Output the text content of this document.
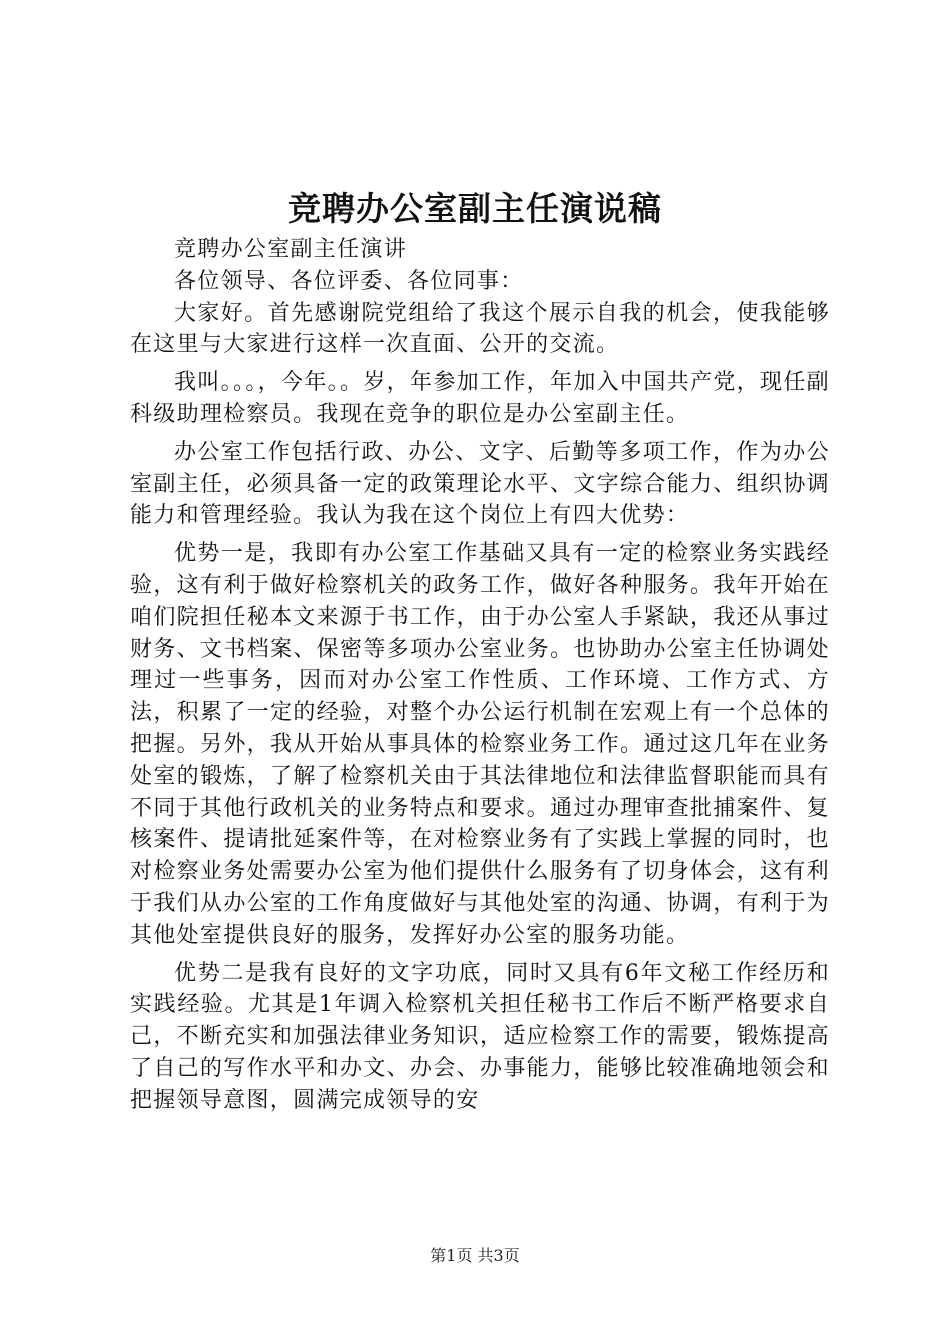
竞聘办公室副主任演说稿

竞聘办公室副主任演讲

各位领导、各位评委、各位同事：

大家好。首先感谢院党组给了我这个展示自我的机会，使我能够在这里与大家进行这样一次直面、公开的交流。

我叫。。。，今年。。岁，年参加工作，年加入中国共产党，现任副科级助理检察员。我现在竞争的职位是办公室副主任。

办公室工作包括行政、办公、文字、后勤等多项工作，作为办公室副主任，必须具备一定的政策理论水平、文字综合能力、组织协调能力和管理经验。我认为我在这个岗位上有四大优势：

优势一是，我即有办公室工作基础又具有一定的检察业务实践经验，这有利于做好检察机关的政务工作，做好各种服务。我年开始在咱们院担任秘本文来源于书工作，由于办公室人手紧缺，我还从事过财务、文书档案、保密等多项办公室业务。也协助办公室主任协调处理过一些事务，因而对办公室工作性质、工作环境、工作方式、方法，积累了一定的经验，对整个办公运行机制在宏观上有一个总体的把握。另外，我从开始从事具体的检察业务工作。通过这几年在业务处室的锻炼，了解了检察机关由于其法律地位和法律监督职能而具有不同于其他行政机关的业务特点和要求。通过办理审查批捕案件、复核案件、提请批延案件等，在对检察业务有了实践上掌握的同时，也对检察业务处需要办公室为他们提供什么服务有了切身体会，这有利于我们从办公室的工作角度做好与其他处室的沟通、协调，有利于为其他处室提供良好的服务，发挥好办公室的服务功能。

优势二是我有良好的文字功底，同时又具有6年文秘工作经历和实践经验。尤其是1年调入检察机关担任秘书工作后不断严格要求自己，不断充实和加强法律业务知识，适应检察工作的需要，锻炼提高了自己的写作水平和办文、办会、办事能力，能够比较准确地领会和把握领导意图，圆满完成领导的安

第1页 共3页
